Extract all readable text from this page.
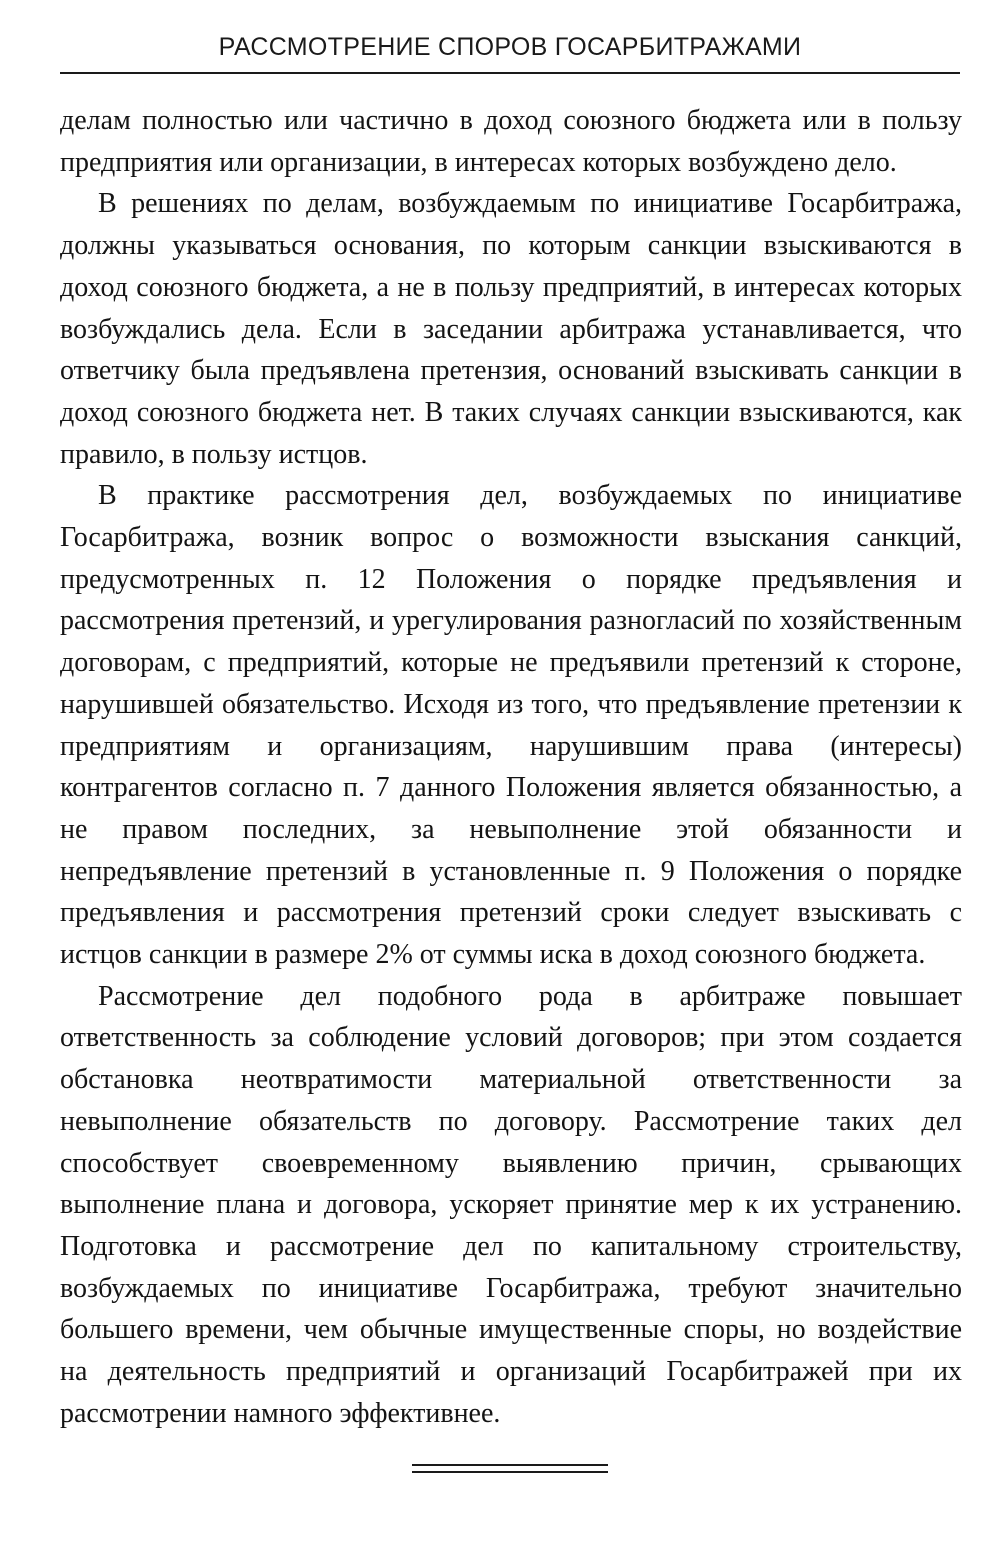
РАССМОТРЕНИЕ СПОРОВ ГОСАРБИТРАЖАМИ

делам полностью или частично в доход союзного бюджета или в пользу предприятия или организации, в интересах которых возбуждено дело.

В решениях по делам, возбуждаемым по инициативе Госарбитража, должны указываться основания, по которым санкции взыскиваются в доход союзного бюджета, а не в пользу предприятий, в интересах которых возбуждались дела. Если в заседании арбитража устанавливается, что ответчику была предъявлена претензия, оснований взыскивать санкции в доход союзного бюджета нет. В таких случаях санкции взыскиваются, как правило, в пользу истцов.

В практике рассмотрения дел, возбуждаемых по инициативе Госарбитража, возник вопрос о возможности взыскания санкций, предусмотренных п. 12 Положения о порядке предъявления и рассмотрения претензий, и урегулирования разногласий по хозяйственным договорам, с предприятий, которые не предъявили претензий к стороне, нарушившей обязательство. Исходя из того, что предъявление претензии к предприятиям и организациям, нарушившим права (интересы) контрагентов согласно п. 7 данного Положения является обязанностью, а не правом последних, за невыполнение этой обязанности и непредъявление претензий в установленные п. 9 Положения о порядке предъявления и рассмотрения претензий сроки следует взыскивать с истцов санкции в размере 2% от суммы иска в доход союзного бюджета.

Рассмотрение дел подобного рода в арбитраже повышает ответственность за соблюдение условий договоров; при этом создается обстановка неотвратимости материальной ответственности за невыполнение обязательств по договору. Рассмотрение таких дел способствует своевременному выявлению причин, срывающих выполнение плана и договора, ускоряет принятие мер к их устранению. Подготовка и рассмотрение дел по капитальному строительству, возбуждаемых по инициативе Госарбитража, требуют значительно большего времени, чем обычные имущественные споры, но воздействие на деятельность предприятий и организаций Госарбитражей при их рассмотрении намного эффективнее.
